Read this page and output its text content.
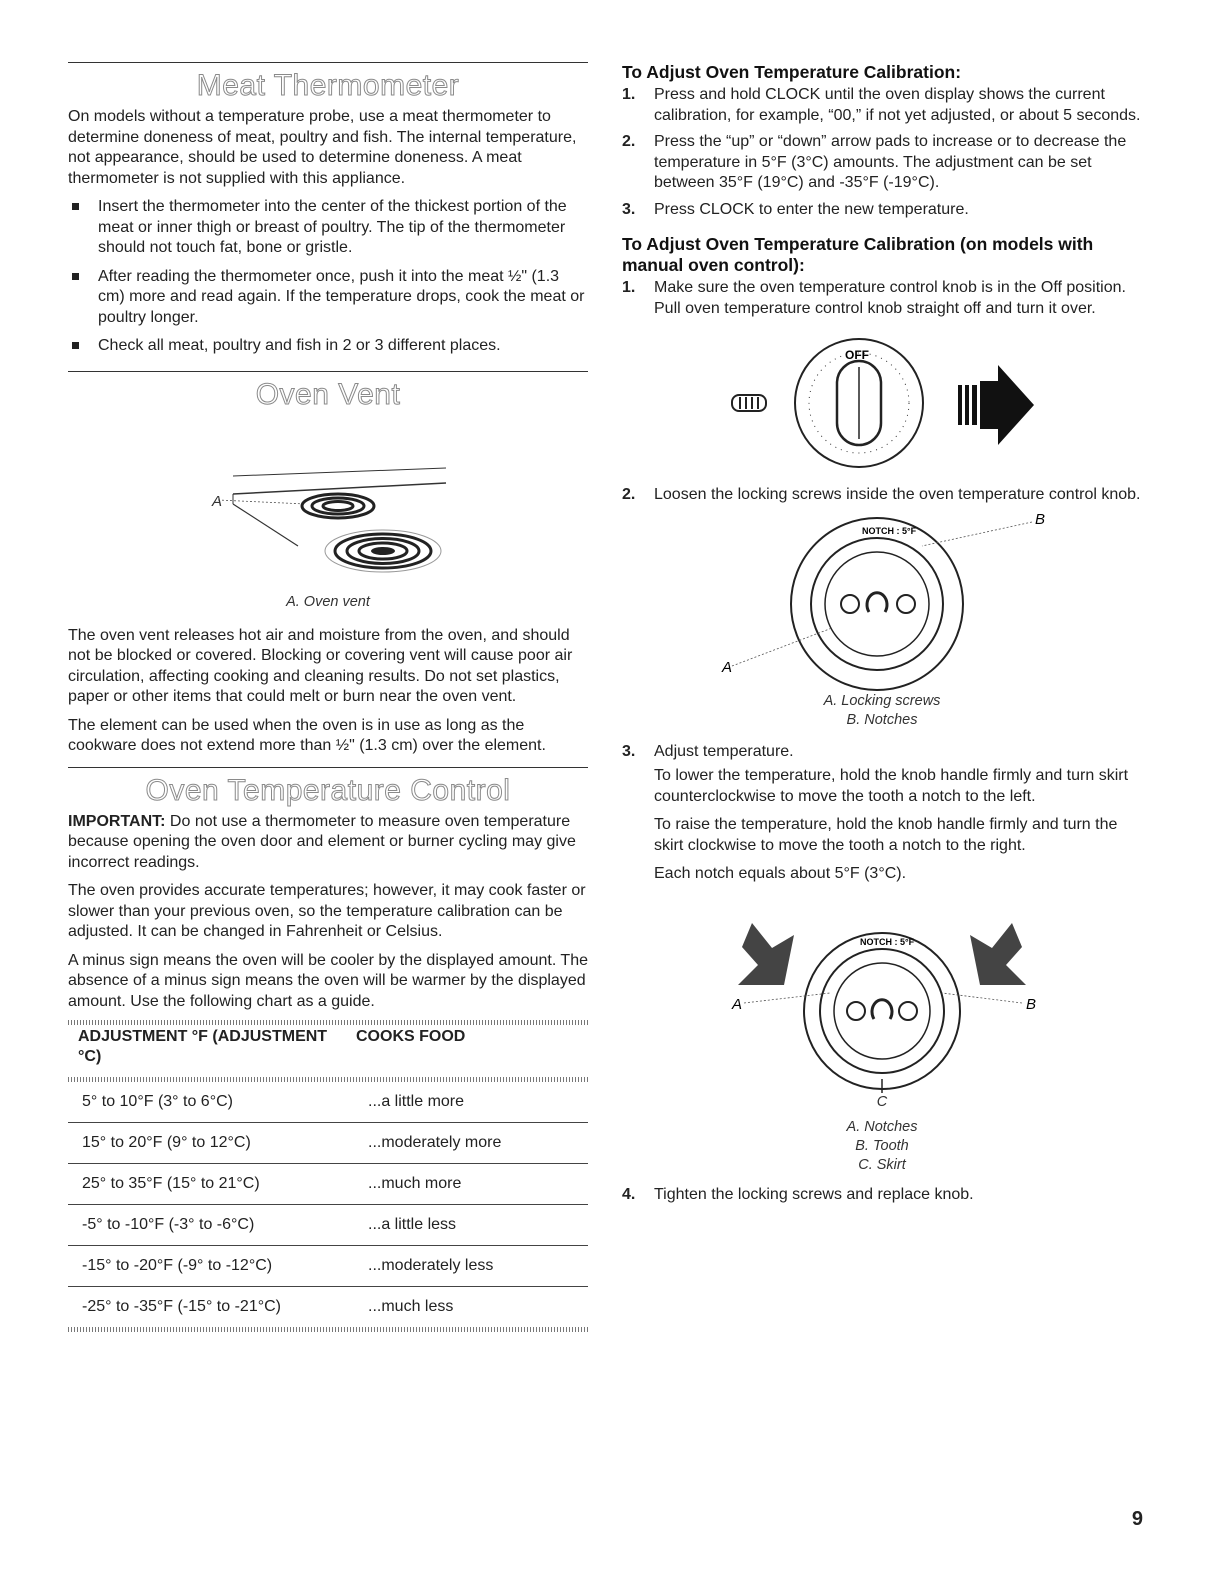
Meat Thermometer

On models without a temperature probe, use a meat thermometer to determine doneness of meat, poultry and fish. The internal temperature, not appearance, should be used to determine doneness. A meat thermometer is not supplied with this appliance.

Insert the thermometer into the center of the thickest portion of the meat or inner thigh or breast of poultry. The tip of the thermometer should not touch fat, bone or gristle.
After reading the thermometer once, push it into the meat ½" (1.3 cm) more and read again. If the temperature drops, cook the meat or poultry longer.
Check all meat, poultry and fish in 2 or 3 different places.
Oven Vent
A
A. Oven vent

The oven vent releases hot air and moisture from the oven, and should not be blocked or covered. Blocking or covering vent will cause poor air circulation, affecting cooking and cleaning results. Do not set plastics, paper or other items that could melt or burn near the oven vent.

The element can be used when the oven is in use as long as the cookware does not extend more than ½" (1.3 cm) over the element.

Oven Temperature Control

IMPORTANT: Do not use a thermometer to measure oven temperature because opening the oven door and element or burner cycling may give incorrect readings.

The oven provides accurate temperatures; however, it may cook faster or slower than your previous oven, so the temperature calibration can be adjusted. It can be changed in Fahrenheit or Celsius.

A minus sign means the oven will be cooler by the displayed amount. The absence of a minus sign means the oven will be warmer by the displayed amount. Use the following chart as a guide.

ADJUSTMENT °F (ADJUSTMENT °C)	COOKS FOOD
5° to 10°F (3° to 6°C)	...a little more
15° to 20°F (9° to 12°C)	...moderately more
25° to 35°F (15° to 21°C)	...much more
-5° to -10°F (-3° to -6°C)	...a little less
-15° to -20°F (-9° to -12°C)	...moderately less
-25° to -35°F (-15° to -21°C)	...much less
To Adjust Oven Temperature Calibration:
1. Press and hold CLOCK until the oven display shows the current calibration, for example, “00,” if not yet adjusted, or about 5 seconds.
2. Press the “up” or “down” arrow pads to increase or to decrease the temperature in 5°F (3°C) amounts. The adjustment can be set between 35°F (19°C) and -35°F (-19°C).
3. Press CLOCK to enter the new temperature.
To Adjust Oven Temperature Calibration (on models with manual oven control):
1. Make sure the oven temperature control knob is in the Off position. Pull oven temperature control knob straight off and turn it over.
OFF
2. Loosen the locking screws inside the oven temperature control knob.
NOTCH : 5°F
A
B
A. Locking screws
B. Notches
3. Adjust temperature.

To lower the temperature, hold the knob handle firmly and turn skirt counterclockwise to move the tooth a notch to the left.

To raise the temperature, hold the knob handle firmly and turn the skirt clockwise to move the tooth a notch to the right.

Each notch equals about 5°F (3°C).

NOTCH : 5°F
A	B
C
A. Notches
B. Tooth
C. Skirt
4. Tighten the locking screws and replace knob.
9
